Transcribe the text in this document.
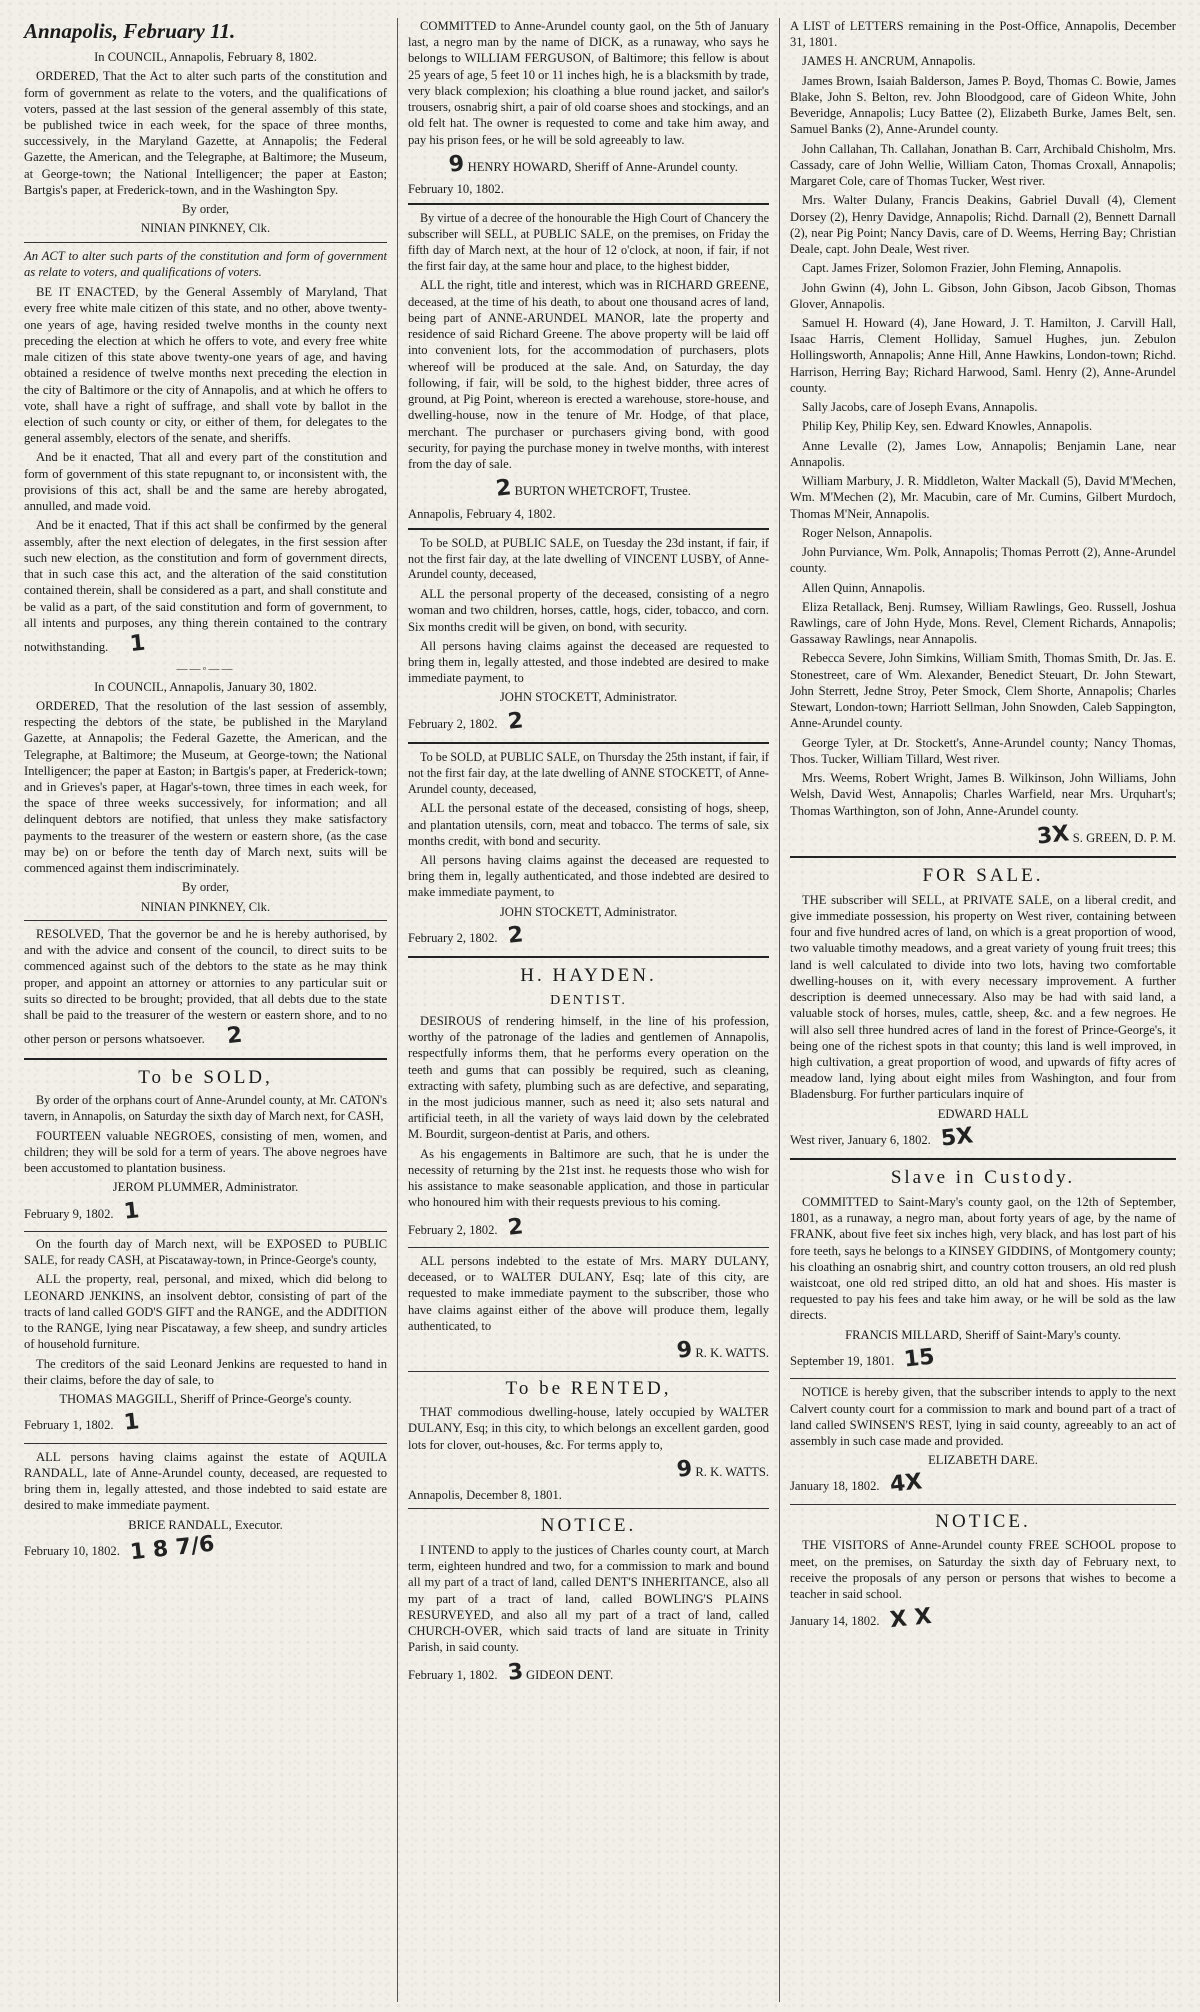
Annapolis, February 11.

In COUNCIL, Annapolis, February 8, 1802.

ORDERED, That the Act to alter such parts of the constitution and form of government as relate to the voters, and the qualifications of voters, passed at the last session of the general assembly of this state, be published twice in each week, for the space of three months, successively, in the Maryland Gazette, at Annapolis; the Federal Gazette, the American, and the Telegraphe, at Baltimore; the Museum, at George-town; the National Intelligencer; the paper at Easton; Bartgis's paper, at Frederick-town, and in the Washington Spy.

By order,

NINIAN PINKNEY, Clk.

An ACT to alter such parts of the constitution and form of government as relate to voters, and qualifications of voters.

BE IT ENACTED, by the General Assembly of Maryland, That every free white male citizen of this state, and no other, above twenty-one years of age, having resided twelve months in the county next preceding the election at which he offers to vote, and every free white male citizen of this state above twenty-one years of age, and having obtained a residence of twelve months next preceding the election in the city of Baltimore or the city of Annapolis, and at which he offers to vote, shall have a right of suffrage, and shall vote by ballot in the election of such county or city, or either of them, for delegates to the general assembly, electors of the senate, and sheriffs.

And be it enacted, That all and every part of the constitution and form of government of this state repugnant to, or inconsistent with, the provisions of this act, shall be and the same are hereby abrogated, annulled, and made void.

And be it enacted, That if this act shall be confirmed by the general assembly, after the next election of delegates, in the first session after such new election, as the constitution and form of government directs, that in such case this act, and the alteration of the said constitution contained therein, shall be considered as a part, and shall constitute and be valid as a part, of the said constitution and form of government, to all intents and purposes, any thing therein contained to the contrary notwithstanding. 1

——◦——

In COUNCIL, Annapolis, January 30, 1802.

ORDERED, That the resolution of the last session of assembly, respecting the debtors of the state, be published in the Maryland Gazette, at Annapolis; the Federal Gazette, the American, and the Telegraphe, at Baltimore; the Museum, at George-town; the National Intelligencer; the paper at Easton; in Bartgis's paper, at Frederick-town; and in Grieves's paper, at Hagar's-town, three times in each week, for the space of three weeks successively, for information; and all delinquent debtors are notified, that unless they make satisfactory payments to the treasurer of the western or eastern shore, (as the case may be) on or before the tenth day of March next, suits will be commenced against them indiscriminately.

By order,

NINIAN PINKNEY, Clk.

RESOLVED, That the governor be and he is hereby authorised, by and with the advice and consent of the council, to direct suits to be commenced against such of the debtors to the state as he may think proper, and appoint an attorney or attornies to any particular suit or suits so directed to be brought; provided, that all debts due to the state shall be paid to the treasurer of the western or eastern shore, and to no other person or persons whatsoever. 2

To be SOLD,

By order of the orphans court of Anne-Arundel county, at Mr. CATON's tavern, in Annapolis, on Saturday the sixth day of March next, for CASH,

FOURTEEN valuable NEGROES, consisting of men, women, and children; they will be sold for a term of years. The above negroes have been accustomed to plantation business.

JEROM PLUMMER, Administrator.

February 9, 1802. 1

On the fourth day of March next, will be EXPOSED to PUBLIC SALE, for ready CASH, at Piscataway-town, in Prince-George's county,

ALL the property, real, personal, and mixed, which did belong to LEONARD JENKINS, an insolvent debtor, consisting of part of the tracts of land called GOD'S GIFT and the RANGE, and the ADDITION to the RANGE, lying near Piscataway, a few sheep, and sundry articles of household furniture.

The creditors of the said Leonard Jenkins are requested to hand in their claims, before the day of sale, to

THOMAS MAGGILL, Sheriff of Prince-George's county.

February 1, 1802. 1

ALL persons having claims against the estate of AQUILA RANDALL, late of Anne-Arundel county, deceased, are requested to bring them in, legally attested, and those indebted to said estate are desired to make immediate payment.

BRICE RANDALL, Executor.

February 10, 1802. 1 8 7/6

COMMITTED to Anne-Arundel county gaol, on the 5th of January last, a negro man by the name of DICK, as a runaway, who says he belongs to WILLIAM FERGUSON, of Baltimore; this fellow is about 25 years of age, 5 feet 10 or 11 inches high, he is a blacksmith by trade, very black complexion; his cloathing a blue round jacket, and sailor's trousers, osnabrig shirt, a pair of old coarse shoes and stockings, and an old felt hat. The owner is requested to come and take him away, and pay his prison fees, or he will be sold agreeably to law.

9 HENRY HOWARD, Sheriff of Anne-Arundel county.

February 10, 1802.

By virtue of a decree of the honourable the High Court of Chancery the subscriber will SELL, at PUBLIC SALE, on the premises, on Friday the fifth day of March next, at the hour of 12 o'clock, at noon, if fair, if not the first fair day, at the same hour and place, to the highest bidder,

ALL the right, title and interest, which was in RICHARD GREENE, deceased, at the time of his death, to about one thousand acres of land, being part of ANNE-ARUNDEL MANOR, late the property and residence of said Richard Greene. The above property will be laid off into convenient lots, for the accommodation of purchasers, plots whereof will be produced at the sale. And, on Saturday, the day following, if fair, will be sold, to the highest bidder, three acres of ground, at Pig Point, whereon is erected a warehouse, store-house, and dwelling-house, now in the tenure of Mr. Hodge, of that place, merchant. The purchaser or purchasers giving bond, with good security, for paying the purchase money in twelve months, with interest from the day of sale.

2 BURTON WHETCROFT, Trustee.

Annapolis, February 4, 1802.

To be SOLD, at PUBLIC SALE, on Tuesday the 23d instant, if fair, if not the first fair day, at the late dwelling of VINCENT LUSBY, of Anne-Arundel county, deceased,

ALL the personal property of the deceased, consisting of a negro woman and two children, horses, cattle, hogs, cider, tobacco, and corn. Six months credit will be given, on bond, with security.

All persons having claims against the deceased are requested to bring them in, legally attested, and those indebted are desired to make immediate payment, to

JOHN STOCKETT, Administrator.

February 2, 1802. 2

To be SOLD, at PUBLIC SALE, on Thursday the 25th instant, if fair, if not the first fair day, at the late dwelling of ANNE STOCKETT, of Anne-Arundel county, deceased,

ALL the personal estate of the deceased, consisting of hogs, sheep, and plantation utensils, corn, meat and tobacco. The terms of sale, six months credit, with bond and security.

All persons having claims against the deceased are requested to bring them in, legally authenticated, and those indebted are desired to make immediate payment, to

JOHN STOCKETT, Administrator.

February 2, 1802. 2

H. HAYDEN.

DENTIST.

DESIROUS of rendering himself, in the line of his profession, worthy of the patronage of the ladies and gentlemen of Annapolis, respectfully informs them, that he performs every operation on the teeth and gums that can possibly be required, such as cleaning, extracting with safety, plumbing such as are defective, and separating, in the most judicious manner, such as need it; also sets natural and artificial teeth, in all the variety of ways laid down by the celebrated M. Bourdit, surgeon-dentist at Paris, and others.

As his engagements in Baltimore are such, that he is under the necessity of returning by the 21st inst. he requests those who wish for his assistance to make seasonable application, and those in particular who honoured him with their requests previous to his coming.

February 2, 1802. 2

ALL persons indebted to the estate of Mrs. MARY DULANY, deceased, or to WALTER DULANY, Esq; late of this city, are requested to make immediate payment to the subscriber, those who have claims against either of the above will produce them, legally authenticated, to

9 R. K. WATTS.

To be RENTED,

THAT commodious dwelling-house, lately occupied by WALTER DULANY, Esq; in this city, to which belongs an excellent garden, good lots for clover, out-houses, &c. For terms apply to,

9 R. K. WATTS.

Annapolis, December 8, 1801.

NOTICE.

I INTEND to apply to the justices of Charles county court, at March term, eighteen hundred and two, for a commission to mark and bound all my part of a tract of land, called DENT'S INHERITANCE, also all my part of a tract of land, called BOWLING'S PLAINS RESURVEYED, and also all my part of a tract of land, called CHURCH-OVER, which said tracts of land are situate in Trinity Parish, in said county.

February 1, 1802. 3 GIDEON DENT.

A LIST of LETTERS remaining in the Post-Office, Annapolis, December 31, 1801.

JAMES H. ANCRUM, Annapolis.

James Brown, Isaiah Balderson, James P. Boyd, Thomas C. Bowie, James Blake, John S. Belton, rev. John Bloodgood, care of Gideon White, John Beveridge, Annapolis; Lucy Battee (2), Elizabeth Burke, James Belt, sen. Samuel Banks (2), Anne-Arundel county.

John Callahan, Th. Callahan, Jonathan B. Carr, Archibald Chisholm, Mrs. Cassady, care of John Wellie, William Caton, Thomas Croxall, Annapolis; Margaret Cole, care of Thomas Tucker, West river.

Mrs. Walter Dulany, Francis Deakins, Gabriel Duvall (4), Clement Dorsey (2), Henry Davidge, Annapolis; Richd. Darnall (2), Bennett Darnall (2), near Pig Point; Nancy Davis, care of D. Weems, Herring Bay; Christian Deale, capt. John Deale, West river.

Capt. James Frizer, Solomon Frazier, John Fleming, Annapolis.

John Gwinn (4), John L. Gibson, John Gibson, Jacob Gibson, Thomas Glover, Annapolis.

Samuel H. Howard (4), Jane Howard, J. T. Hamilton, J. Carvill Hall, Isaac Harris, Clement Holliday, Samuel Hughes, jun. Zebulon Hollingsworth, Annapolis; Anne Hill, Anne Hawkins, London-town; Richd. Harrison, Herring Bay; Richard Harwood, Saml. Henry (2), Anne-Arundel county.

Sally Jacobs, care of Joseph Evans, Annapolis.

Philip Key, Philip Key, sen. Edward Knowles, Annapolis.

Anne Levalle (2), James Low, Annapolis; Benjamin Lane, near Annapolis.

William Marbury, J. R. Middleton, Walter Mackall (5), David M'Mechen, Wm. M'Mechen (2), Mr. Macubin, care of Mr. Cumins, Gilbert Murdoch, Thomas M'Neir, Annapolis.

Roger Nelson, Annapolis.

John Purviance, Wm. Polk, Annapolis; Thomas Perrott (2), Anne-Arundel county.

Allen Quinn, Annapolis.

Eliza Retallack, Benj. Rumsey, William Rawlings, Geo. Russell, Joshua Rawlings, care of John Hyde, Mons. Revel, Clement Richards, Annapolis; Gassaway Rawlings, near Annapolis.

Rebecca Severe, John Simkins, William Smith, Thomas Smith, Dr. Jas. E. Stonestreet, care of Wm. Alexander, Benedict Steuart, Dr. John Stewart, John Sterrett, Jedne Stroy, Peter Smock, Clem Shorte, Annapolis; Charles Stewart, London-town; Harriott Sellman, John Snowden, Caleb Sappington, Anne-Arundel county.

George Tyler, at Dr. Stockett's, Anne-Arundel county; Nancy Thomas, Thos. Tucker, William Tillard, West river.

Mrs. Weems, Robert Wright, James B. Wilkinson, John Williams, John Welsh, David West, Annapolis; Charles Warfield, near Mrs. Urquhart's; Thomas Warthington, son of John, Anne-Arundel county.

3X S. GREEN, D. P. M.

FOR SALE.

THE subscriber will SELL, at PRIVATE SALE, on a liberal credit, and give immediate possession, his property on West river, containing between four and five hundred acres of land, on which is a great proportion of wood, two valuable timothy meadows, and a great variety of young fruit trees; this land is well calculated to divide into two lots, having two comfortable dwelling-houses on it, with every necessary improvement. A further description is deemed unnecessary. Also may be had with said land, a valuable stock of horses, mules, cattle, sheep, &c. and a few negroes. He will also sell three hundred acres of land in the forest of Prince-George's, it being one of the richest spots in that county; this land is well improved, in high cultivation, a great proportion of wood, and upwards of fifty acres of meadow land, lying about eight miles from Washington, and four from Bladensburg. For further particulars inquire of

EDWARD HALL

West river, January 6, 1802. 5X

Slave in Custody.

COMMITTED to Saint-Mary's county gaol, on the 12th of September, 1801, as a runaway, a negro man, about forty years of age, by the name of FRANK, about five feet six inches high, very black, and has lost part of his fore teeth, says he belongs to a KINSEY GIDDINS, of Montgomery county; his cloathing an osnabrig shirt, and country cotton trousers, an old red plush waistcoat, one old red striped ditto, an old hat and shoes. His master is requested to pay his fees and take him away, or he will be sold as the law directs.

FRANCIS MILLARD, Sheriff of Saint-Mary's county.

September 19, 1801. 15

NOTICE is hereby given, that the subscriber intends to apply to the next Calvert county court for a commission to mark and bound part of a tract of land called SWINSEN'S REST, lying in said county, agreeably to an act of assembly in such case made and provided.

ELIZABETH DARE.

January 18, 1802. 4X

NOTICE.

THE VISITORS of Anne-Arundel county FREE SCHOOL propose to meet, on the premises, on Saturday the sixth day of February next, to receive the proposals of any person or persons that wishes to become a teacher in said school.

January 14, 1802. X X
